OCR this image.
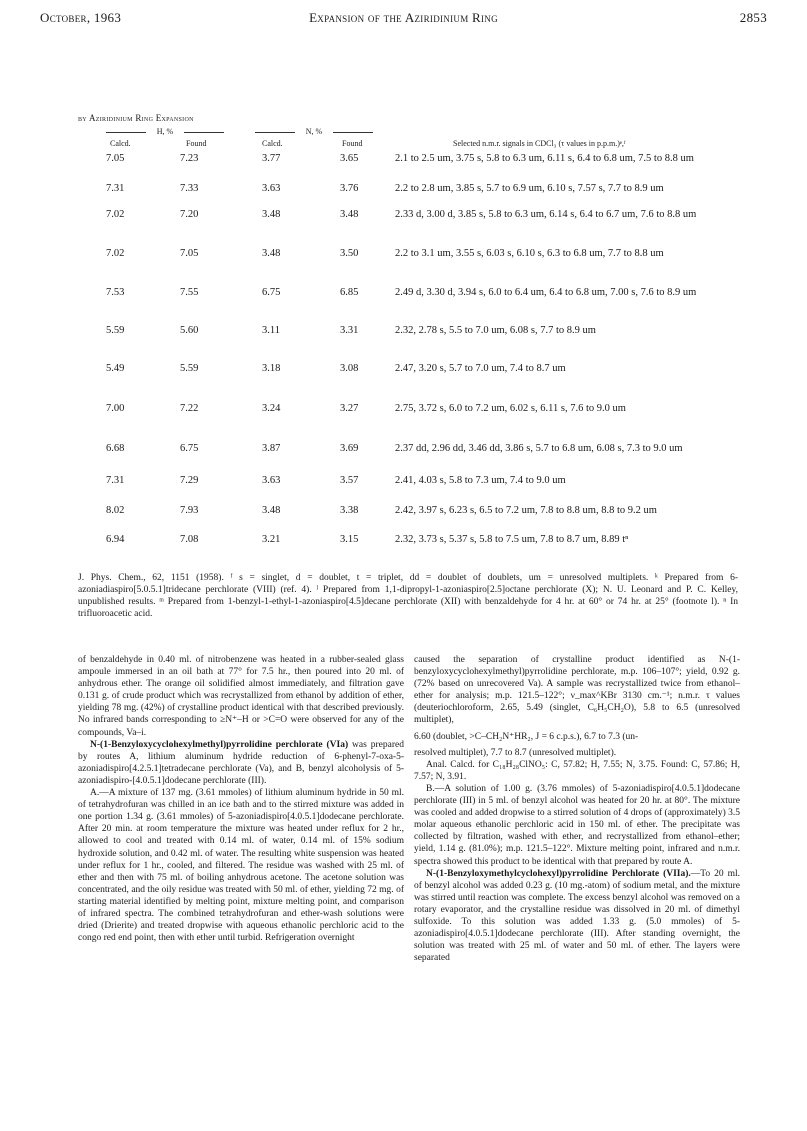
October, 1963	Expansion of the Aziridinium Ring	2853
by Aziridinium Ring Expansion
H, %	N, %
Calcd.	Found	Calcd.	Found	Selected n.m.r. signals in CDCl₃ (τ values in p.p.m.)ᵉ,ᶠ
7.05	7.23	3.77	3.65	2.1 to 2.5 um, 3.75 s, 5.8 to 6.3 um, 6.11 s, 6.4 to 6.8 um, 7.5 to 8.8 um
7.31	7.33	3.63	3.76	2.2 to 2.8 um, 3.85 s, 5.7 to 6.9 um, 6.10 s, 7.57 s, 7.7 to 8.9 um
7.02	7.20	3.48	3.48	2.33 d, 3.00 d, 3.85 s, 5.8 to 6.3 um, 6.14 s, 6.4 to 6.7 um, 7.6 to 8.8 um
7.02	7.05	3.48	3.50	2.2 to 3.1 um, 3.55 s, 6.03 s, 6.10 s, 6.3 to 6.8 um, 7.7 to 8.8 um
7.53	7.55	6.75	6.85	2.49 d, 3.30 d, 3.94 s, 6.0 to 6.4 um, 6.4 to 6.8 um, 7.00 s, 7.6 to 8.9 um
5.59	5.60	3.11	3.31	2.32, 2.78 s, 5.5 to 7.0 um, 6.08 s, 7.7 to 8.9 um
5.49	5.59	3.18	3.08	2.47, 3.20 s, 5.7 to 7.0 um, 7.4 to 8.7 um
7.00	7.22	3.24	3.27	2.75, 3.72 s, 6.0 to 7.2 um, 6.02 s, 6.11 s, 7.6 to 9.0 um
6.68	6.75	3.87	3.69	2.37 dd, 2.96 dd, 3.46 dd, 3.86 s, 5.7 to 6.8 um, 6.08 s, 7.3 to 9.0 um
7.31	7.29	3.63	3.57	2.41, 4.03 s, 5.8 to 7.3 um, 7.4 to 9.0 um
8.02	7.93	3.48	3.38	2.42, 3.97 s, 6.23 s, 6.5 to 7.2 um, 7.8 to 8.8 um, 8.8 to 9.2 um
6.94	7.08	3.21	3.15	2.32, 3.73 s, 5.37 s, 5.8 to 7.5 um, 7.8 to 8.7 um, 8.89 tⁿ
J. Phys. Chem., 62, 1151 (1958). ᶠ s = singlet, d = doublet, t = triplet, dd = doublet of doublets, um = unresolved multiplets. ᵏ Prepared from 6-azoniadiaspiro[5.0.5.1]tridecane perchlorate (VIII) (ref. 4). ˡ Prepared from 1,1-dipropyl-1-azoniaspiro[2.5]octane perchlorate (X); N. U. Leonard and P. C. Kelley, unpublished results. ᵐ Prepared from 1-benzyl-1-ethyl-1-azoniaspiro[4.5]decane perchlorate (XII) with benzaldehyde for 4 hr. at 60° or 74 hr. at 25° (footnote l). ⁿ In trifluoroacetic acid.

of benzaldehyde in 0.40 ml. of nitrobenzene was heated in a rubber-sealed glass ampoule immersed in an oil bath at 77° for 7.5 hr., then poured into 20 ml. of anhydrous ether. The orange oil solidified almost immediately, and filtration gave 0.131 g. of crude product which was recrystallized from ethanol by addition of ether, yielding 78 mg. (42%) of crystalline product identical with that described previously. No infrared bands corresponding to ≥N⁺–H or >C=O were observed for any of the compounds, Va–i.

N-(1-Benzyloxycyclohexylmethyl)pyrrolidine perchlorate (VIa) was prepared by routes A, lithium aluminum hydride reduction of 6-phenyl-7-oxa-5-azoniadispiro[4.2.5.1]tetradecane perchlorate (Va), and B, benzyl alcoholysis of 5-azoniadispiro-[4.0.5.1]dodecane perchlorate (III).

A.—A mixture of 137 mg. (3.61 mmoles) of lithium aluminum hydride in 50 ml. of tetrahydrofuran was chilled in an ice bath and to the stirred mixture was added in one portion 1.34 g. (3.61 mmoles) of 5-azoniadispiro[4.0.5.1]dodecane perchlorate. After 20 min. at room temperature the mixture was heated under reflux for 2 hr., allowed to cool and treated with 0.14 ml. of water, 0.14 ml. of 15% sodium hydroxide solution, and 0.42 ml. of water. The resulting white suspension was heated under reflux for 1 hr., cooled, and filtered. The residue was washed with 25 ml. of ether and then with 75 ml. of boiling anhydrous acetone. The acetone solution was concentrated, and the oily residue was treated with 50 ml. of ether, yielding 72 mg. of starting material identified by melting point, mixture melting point, and comparison of infrared spectra. The combined tetrahydrofuran and ether-wash solutions were dried (Drierite) and treated dropwise with aqueous ethanolic perchloric acid to the congo red end point, then with ether until turbid. Refrigeration overnight

caused the separation of crystalline product identified as N-(1-benzyloxycyclohexylmethyl)pyrrolidine perchlorate, m.p. 106–107°; yield, 0.92 g. (72% based on unrecovered Va). A sample was recrystallized twice from ethanol–ether for analysis; m.p. 121.5–122°; ν_max^KBr 3130 cm.⁻¹; n.m.r. τ values (deuteriochloroform, 2.65, 5.49 (singlet, C₆H₅CH₂O), 5.8 to 6.5 (unresolved multiplet),

6.60 (doublet, >C–CH₂N⁺HR₂, J = 6 c.p.s.), 6.7 to 7.3 (un-

resolved multiplet), 7.7 to 8.7 (unresolved multiplet).

Anal. Calcd. for C₁₈H₂₈ClNO₅: C, 57.82; H, 7.55; N, 3.75. Found: C, 57.86; H, 7.57; N, 3.91.

B.—A solution of 1.00 g. (3.76 mmoles) of 5-azoniadispiro[4.0.5.1]dodecane perchlorate (III) in 5 ml. of benzyl alcohol was heated for 20 hr. at 80°. The mixture was cooled and added dropwise to a stirred solution of 4 drops of (approximately) 3.5 molar aqueous ethanolic perchloric acid in 150 ml. of ether. The precipitate was collected by filtration, washed with ether, and recrystallized from ethanol–ether; yield, 1.14 g. (81.0%); m.p. 121.5–122°. Mixture melting point, infrared and n.m.r. spectra showed this product to be identical with that prepared by route A.

N-(1-Benzyloxymethylcyclohexyl)pyrrolidine Perchlorate (VIIa).—To 20 ml. of benzyl alcohol was added 0.23 g. (10 mg.-atom) of sodium metal, and the mixture was stirred until reaction was complete. The excess benzyl alcohol was removed on a rotary evaporator, and the crystalline residue was dissolved in 20 ml. of dimethyl sulfoxide. To this solution was added 1.33 g. (5.0 mmoles) of 5-azoniadispiro[4.0.5.1]dodecane perchlorate (III). After standing overnight, the solution was treated with 25 ml. of water and 50 ml. of ether. The layers were separated
